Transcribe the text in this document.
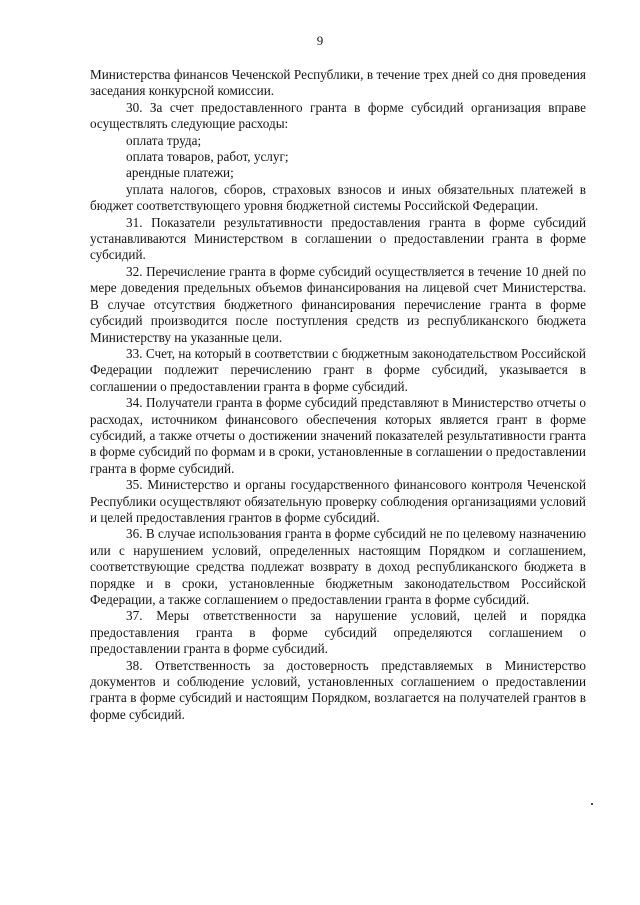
9

Министерства финансов Чеченской Республики, в течение трех дней со дня проведения заседания конкурсной комиссии.

30. За счет предоставленного гранта в форме субсидий организация вправе осуществлять следующие расходы:

оплата труда;

оплата товаров, работ, услуг;

арендные платежи;

уплата налогов, сборов, страховых взносов и иных обязательных платежей в бюджет соответствующего уровня бюджетной системы Российской Федерации.

31. Показатели результативности предоставления гранта в форме субсидий устанавливаются Министерством в соглашении о предоставлении гранта в форме субсидий.

32. Перечисление гранта в форме субсидий осуществляется в течение 10 дней по мере доведения предельных объемов финансирования на лицевой счет Министерства. В случае отсутствия бюджетного финансирования перечисление гранта в форме субсидий производится после поступления средств из республиканского бюджета Министерству на указанные цели.

33. Счет, на который в соответствии с бюджетным законодательством Российской Федерации подлежит перечислению грант в форме субсидий, указывается в соглашении о предоставлении гранта в форме субсидий.

34. Получатели гранта в форме субсидий представляют в Министерство отчеты о расходах, источником финансового обеспечения которых является грант в форме субсидий, а также отчеты о достижении значений показателей результативности гранта в форме субсидий по формам и в сроки, установленные в соглашении о предоставлении гранта в форме субсидий.

35. Министерство и органы государственного финансового контроля Чеченской Республики осуществляют обязательную проверку соблюдения организациями условий и целей предоставления грантов в форме субсидий.

36. В случае использования гранта в форме субсидий не по целевому назначению или с нарушением условий, определенных настоящим Порядком и соглашением, соответствующие средства подлежат возврату в доход республиканского бюджета в порядке и в сроки, установленные бюджетным законодательством Российской Федерации, а также соглашением о предоставлении гранта в форме субсидий.

37. Меры ответственности за нарушение условий, целей и порядка предоставления гранта в форме субсидий определяются соглашением о предоставлении гранта в форме субсидий.

38. Ответственность за достоверность представляемых в Министерство документов и соблюдение условий, установленных соглашением о предоставлении гранта в форме субсидий и настоящим Порядком, возлагается на получателей грантов в форме субсидий.
